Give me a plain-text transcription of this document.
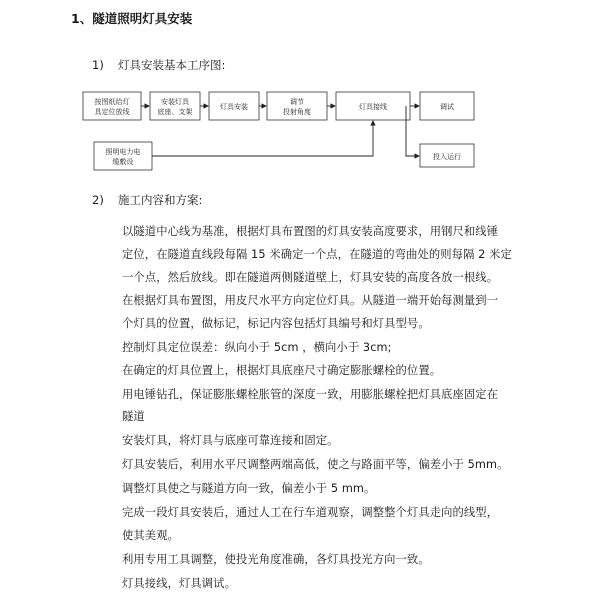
1、隧道照明灯具安装
1) 灯具安装基本工序图:
按图纸给灯
具定位放线
安装灯具
底座、支架
灯具安装
调节
投射角度
灯具接线	调试
投入运行
照明电力电
缆敷设
2) 施工内容和方案:
以隧道中心线为基准，根据灯具布置图的灯具安装高度要求，用钢尺和线锤
定位，在隧道直线段每隔 15 米确定一个点，在隧道的弯曲处的则每隔 2 米定
一个点，然后放线。即在隧道两侧隧道壁上，灯具安装的高度各放一根线。
在根据灯具布置图，用皮尺水平方向定位灯具。从隧道一端开始每测量到一
个灯具的位置，做标记，标记内容包括灯具编号和灯具型号。
控制灯具定位误差：纵向小于 5cm ，横向小于 3cm;
在确定的灯具位置上，根据灯具底座尺寸确定膨胀螺栓的位置。
用电锤钻孔，保证膨胀螺栓胀管的深度一致，用膨胀螺栓把灯具底座固定在
隧道
安装灯具，将灯具与底座可靠连接和固定。
灯具安装后，利用水平尺调整两端高低，使之与路面平等，偏差小于 5mm。
调整灯具使之与隧道方向一致，偏差小于 5 mm。
完成一段灯具安装后，通过人工在行车道观察，调整整个灯具走向的线型，
使其美观。
利用专用工具调整，使投光角度准确，各灯具投光方向一致。
灯具接线，灯具调试。
